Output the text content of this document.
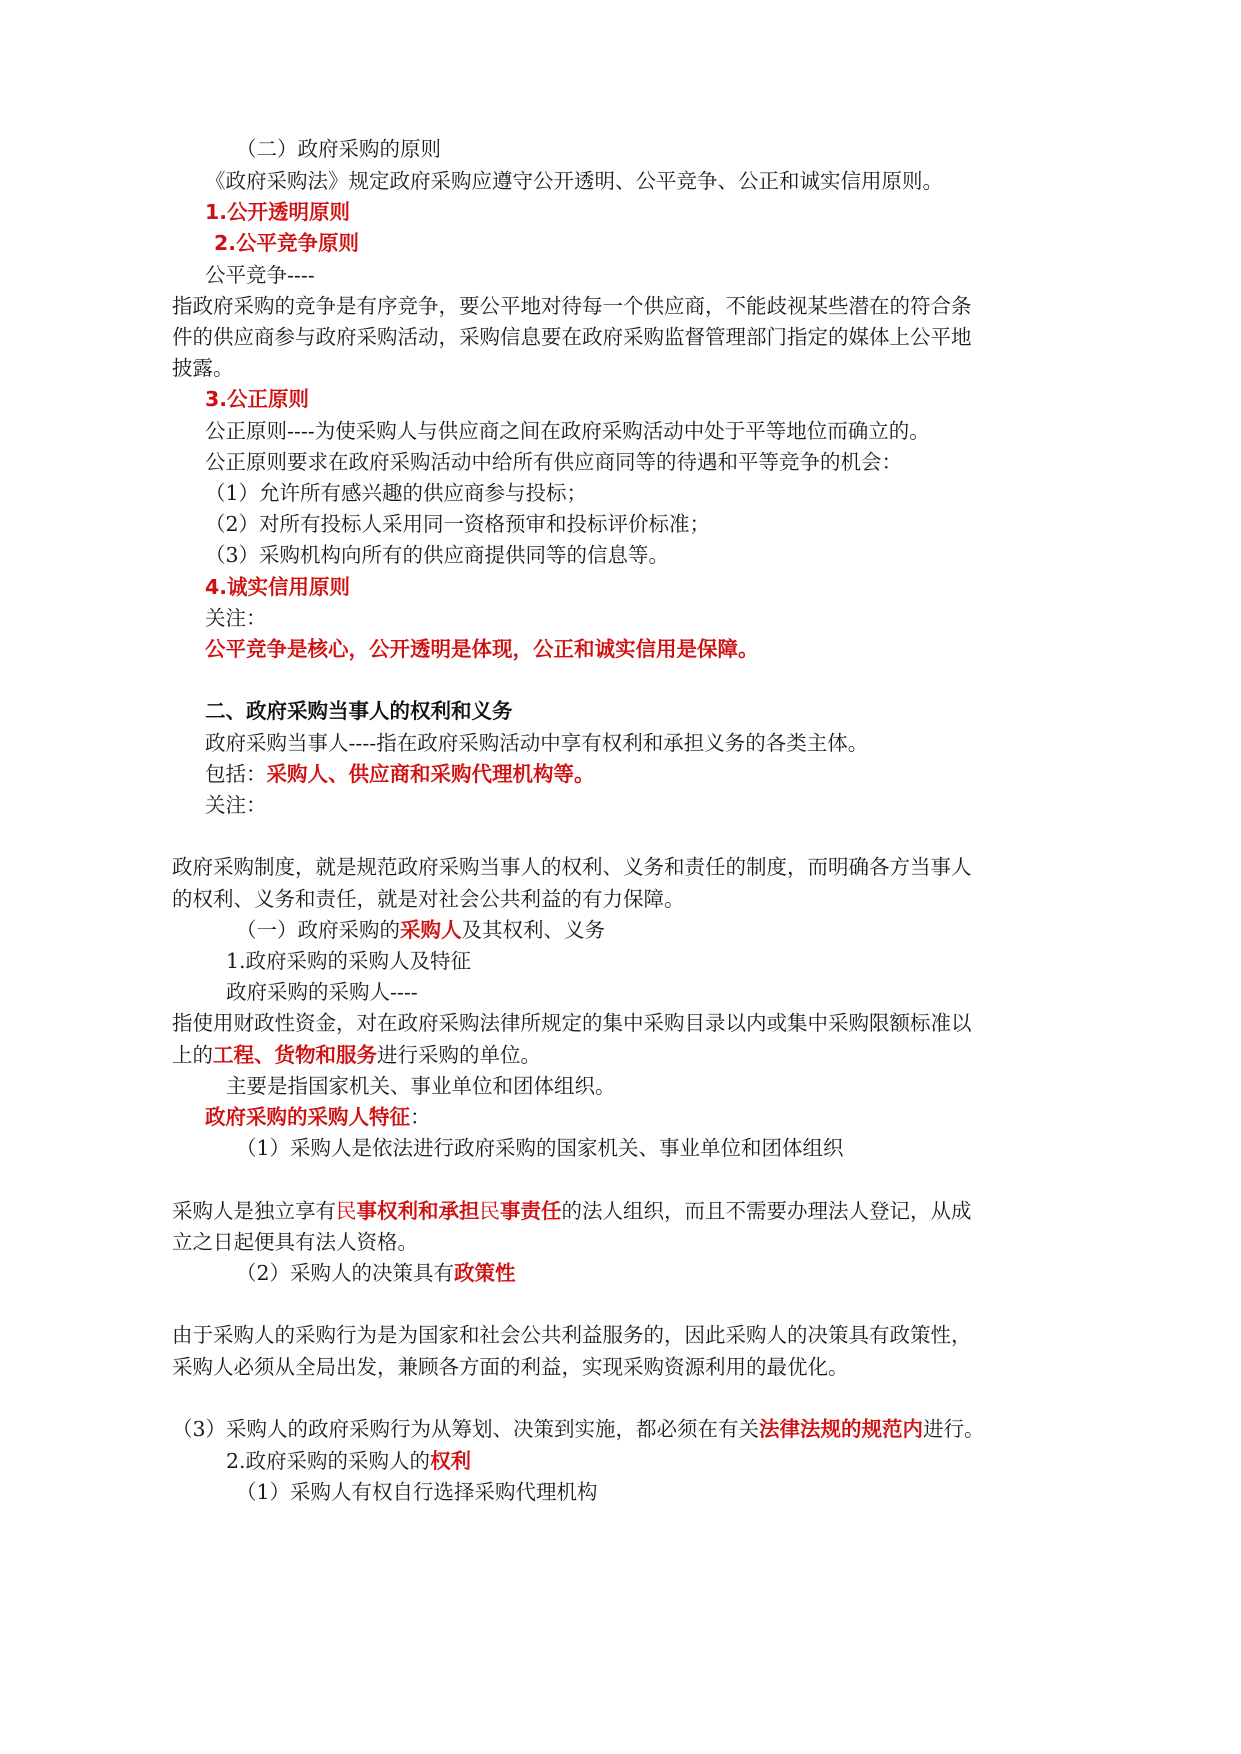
（二）政府采购的原则
《政府采购法》规定政府采购应遵守公开透明、公平竞争、公正和诚实信用原则。
1.公开透明原则
2.公平竞争原则
公平竞争----
指政府采购的竞争是有序竞争，要公平地对待每一个供应商，不能歧视某些潜在的符合条
件的供应商参与政府采购活动，采购信息要在政府采购监督管理部门指定的媒体上公平地
披露。
3.公正原则
公正原则----为使采购人与供应商之间在政府采购活动中处于平等地位而确立的。
公正原则要求在政府采购活动中给所有供应商同等的待遇和平等竞争的机会：
（1）允许所有感兴趣的供应商参与投标；
（2）对所有投标人采用同一资格预审和投标评价标准；
（3）采购机构向所有的供应商提供同等的信息等。
4.诚实信用原则
关注：
公平竞争是核心，公开透明是体现，公正和诚实信用是保障。
二、政府采购当事人的权利和义务
政府采购当事人----指在政府采购活动中享有权利和承担义务的各类主体。
包括：采购人、供应商和采购代理机构等。
关注：
政府采购制度，就是规范政府采购当事人的权利、义务和责任的制度，而明确各方当事人
的权利、义务和责任，就是对社会公共利益的有力保障。
（一）政府采购的采购人及其权利、义务
1.政府采购的采购人及特征
政府采购的采购人----
指使用财政性资金，对在政府采购法律所规定的集中采购目录以内或集中采购限额标准以
上的工程、货物和服务进行采购的单位。
主要是指国家机关、事业单位和团体组织。
政府采购的采购人特征：
（1）采购人是依法进行政府采购的国家机关、事业单位和团体组织
采购人是独立享有民事权利和承担民事责任的法人组织，而且不需要办理法人登记，从成
立之日起便具有法人资格。
（2）采购人的决策具有政策性
由于采购人的采购行为是为国家和社会公共利益服务的，因此采购人的决策具有政策性，
采购人必须从全局出发，兼顾各方面的利益，实现采购资源利用的最优化。
（3）采购人的政府采购行为从筹划、决策到实施，都必须在有关法律法规的规范内进行。
2.政府采购的采购人的权利
（1）采购人有权自行选择采购代理机构
